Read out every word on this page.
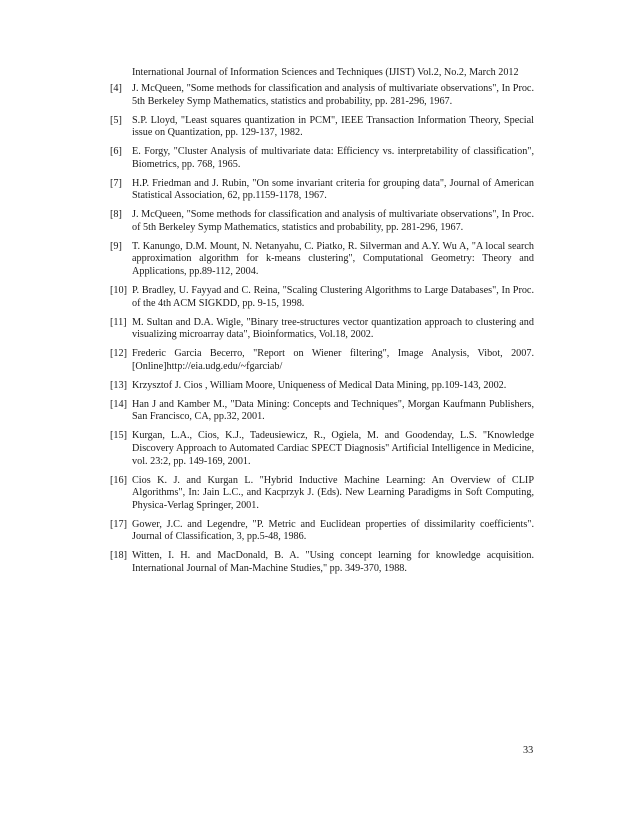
International Journal of Information Sciences and Techniques (IJIST) Vol.2, No.2, March 2012
[4] J. McQueen, "Some methods for classification and analysis of multivariate observations", In Proc. 5th Berkeley Symp Mathematics, statistics and probability, pp. 281-296, 1967.
[5] S.P. Lloyd, "Least squares quantization in PCM", IEEE Transaction Information Theory, Special issue on Quantization, pp. 129-137, 1982.
[6] E. Forgy, "Cluster Analysis of multivariate data: Efficiency vs. interpretability of classification", Biometrics, pp. 768, 1965.
[7] H.P. Friedman and J. Rubin, "On some invariant criteria for grouping data", Journal of American Statistical Association, 62, pp.1159-1178, 1967.
[8] J. McQueen, "Some methods for classification and analysis of multivariate observations", In Proc. of 5th Berkeley Symp Mathematics, statistics and probability, pp. 281-296, 1967.
[9] T. Kanungo, D.M. Mount, N. Netanyahu, C. Piatko, R. Silverman and A.Y. Wu A, "A local search approximation algorithm for k-means clustering", Computational Geometry: Theory and Applications, pp.89-112, 2004.
[10] P. Bradley, U. Fayyad and C. Reina, "Scaling Clustering Algorithms to Large Databases", In Proc. of the 4th ACM SIGKDD, pp. 9-15, 1998.
[11] M. Sultan and D.A. Wigle, "Binary tree-structures vector quantization approach to clustering and visualizing microarray data", Bioinformatics, Vol.18, 2002.
[12] Frederic Garcia Becerro, "Report on Wiener filtering", Image Analysis, Vibot, 2007. [Online]http://eia.udg.edu/~fgarciab/
[13] Krzysztof J. Cios , William Moore, Uniqueness of Medical Data Mining, pp.109-143, 2002.
[14] Han J and Kamber M., "Data Mining: Concepts and Techniques", Morgan Kaufmann Publishers, San Francisco, CA, pp.32, 2001.
[15] Kurgan, L.A., Cios, K.J., Tadeusiewicz, R., Ogiela, M. and Goodenday, L.S. "Knowledge Discovery Approach to Automated Cardiac SPECT Diagnosis" Artificial Intelligence in Medicine, vol. 23:2, pp. 149-169, 2001.
[16] Cios K. J. and Kurgan L. "Hybrid Inductive Machine Learning: An Overview of CLIP Algorithms", In: Jain L.C., and Kacprzyk J. (Eds). New Learning Paradigms in Soft Computing, Physica-Verlag Springer, 2001.
[17] Gower, J.C. and Legendre, "P. Metric and Euclidean properties of dissimilarity coefficients". Journal of Classification, 3, pp.5-48, 1986.
[18] Witten, I. H. and MacDonald, B. A. "Using concept learning for knowledge acquisition. International Journal of Man-Machine Studies," pp. 349-370, 1988.
33
